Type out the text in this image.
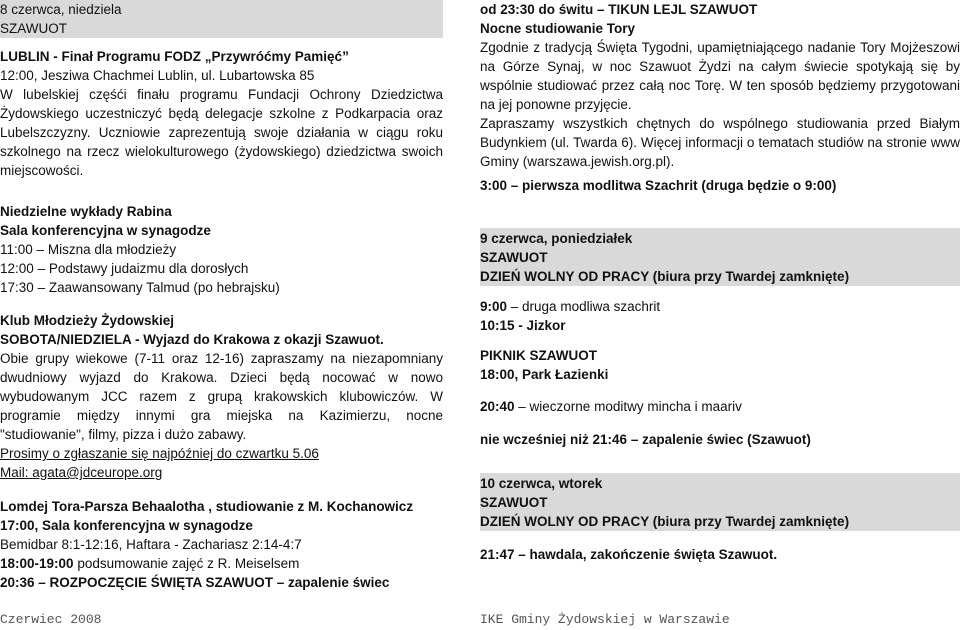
8 czerwca, niedziela
SZAWUOT
LUBLIN - Finał Programu FODZ „Przywróćmy Pamięć”
12:00, Jesziwa Chachmei Lublin, ul. Lubartowska 85
W lubelskiej częśći finału programu Fundacji Ochrony Dziedzictwa Żydowskiego uczestniczyć będą delegacje szkolne z Podkarpacia oraz Lubelszczyzny. Uczniowie zaprezentują swoje działania w ciągu roku szkolnego na rzecz wielokulturowego (żydowskiego) dziedzictwa swoich miejscowości.
Niedzielne wykłady Rabina
Sala konferencyjna w synagodze
11:00 – Miszna dla młodzieży
12:00 – Podstawy judaizmu dla dorosłych
17:30 – Zaawansowany Talmud (po hebrajsku)
Klub Młodzieży Żydowskiej
SOBOTA/NIEDZIELA - Wyjazd do Krakowa z okazji Szawuot.
Obie grupy wiekowe (7-11 oraz 12-16) zapraszamy na niezapomniany dwudniowy wyjazd do Krakowa. Dzieci będą nocować w nowo wybudowanym JCC razem z grupą krakowskich klubowiczów. W programie między innymi gra miejska na Kazimierzu, nocne "studiowanie", filmy, pizza i dużo zabawy.
Prosimy o zgłaszanie się najpóźniej do czwartku 5.06
Mail: agata@jdceurope.org
Lomdej Tora-Parsza Behaalotha , studiowanie z M. Kochanowicz
17:00, Sala konferencyjna w synagodze
Bemidbar 8:1-12:16, Haftara - Zachariasz 2:14-4:7
18:00-19:00 podsumowanie zajęć z R. Meiselsem
20:36 – ROZPOCZĘCIE ŚWIĘTA SZAWUOT – zapalenie świec
Czerwiec 2008
od 23:30 do świtu – TIKUN LEJL SZAWUOT
Nocne studiowanie Tory
Zgodnie z tradycją Święta Tygodni, upamiętniającego nadanie Tory Mojżeszowi na Górze Synaj, w noc Szawuot Żydzi na całym świecie spotykają się by wspólnie studiować przez całą noc Torę. W ten sposób będziemy przygotowani na jej ponowne przyjęcie.
Zapraszamy wszystkich chętnych do wspólnego studiowania przed Białym Budynkiem (ul. Twarda 6). Więcej informacji o tematach studiów na stronie www Gminy (warszawa.jewish.org.pl).
3:00 – pierwsza modlitwa Szachrit (druga będzie o 9:00)
9 czerwca, poniedziałek
SZAWUOT
DZIEŃ WOLNY OD PRACY (biura przy Twardej zamknięte)
9:00 – druga modliwa szachrit
10:15 - Jizkor
PIKNIK SZAWUOT
18:00, Park Łazienki
20:40 – wieczorne moditwy mincha i maariv
nie wcześniej niż 21:46 – zapalenie świec (Szawuot)
10 czerwca, wtorek
SZAWUOT
DZIEŃ WOLNY OD PRACY (biura przy Twardej zamknięte)
21:47 – hawdala, zakończenie święta Szawuot.
IKE Gminy Żydowskiej w Warszawie
